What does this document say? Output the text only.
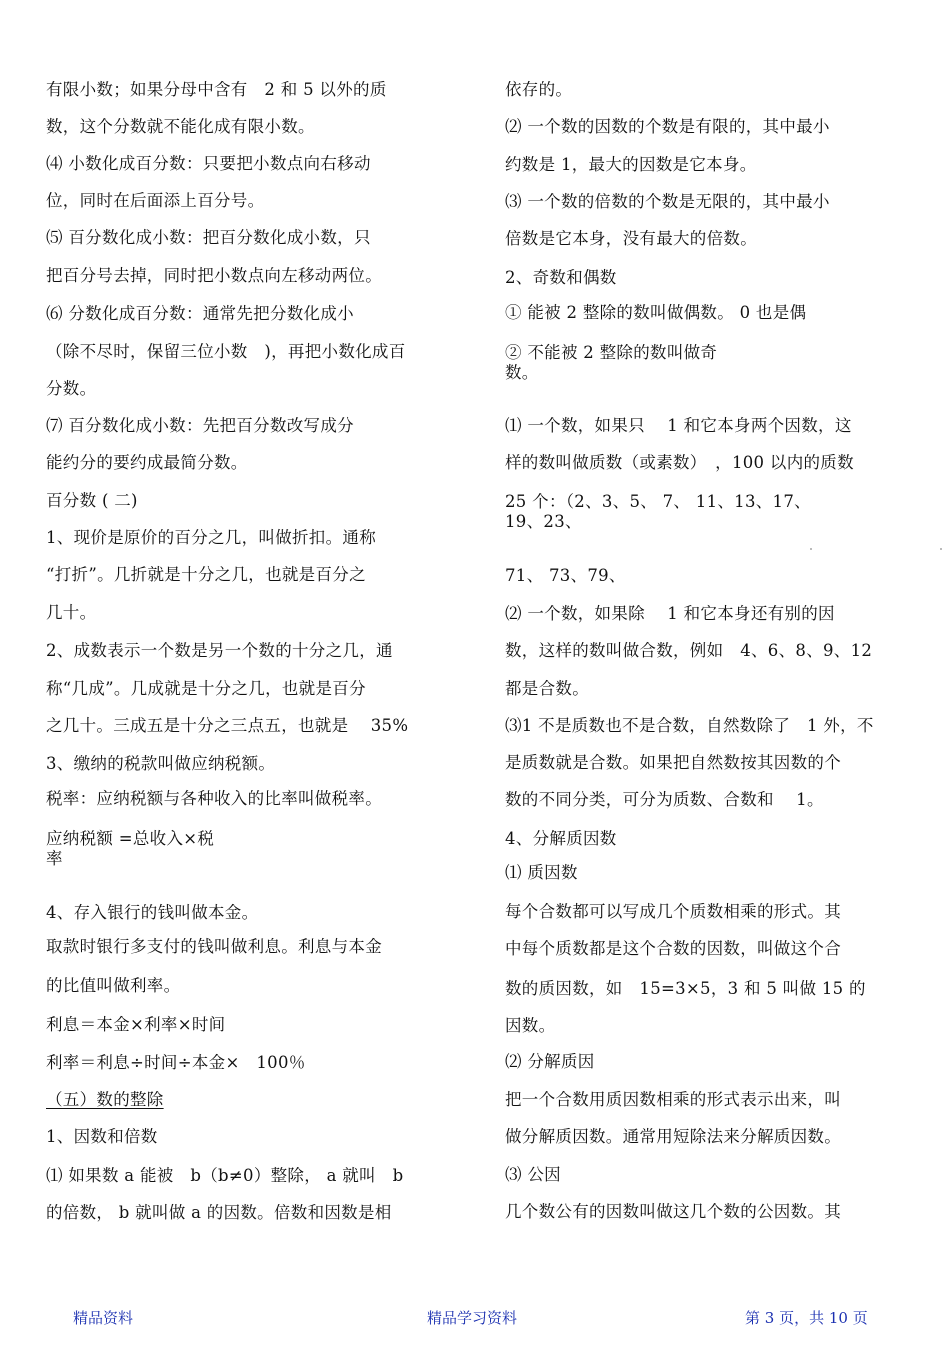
有限小数；如果分母中含有　2 和 5 以外的质
数，这个分数就不能化成有限小数。
⑷ 小数化成百分数：只要把小数点向右移动
位，同时在后面添上百分号。
⑸ 百分数化成小数：把百分数化成小数，只
把百分号去掉，同时把小数点向左移动两位。
⑹ 分数化成百分数：通常先把分数化成小
（除不尽时，保留三位小数　)，再把小数化成百
分数。
⑺ 百分数化成小数：先把百分数改写成分
能约分的要约成最简分数。
百分数 ( 二)
1、现价是原价的百分之几，叫做折扣。通称
“打折”。几折就是十分之几，也就是百分之
几十。
2、成数表示一个数是另一个数的十分之几，通
称“几成”。几成就是十分之几，也就是百分
之几十。三成五是十分之三点五，也就是　 35%
3、缴纳的税款叫做应纳税额。
税率：应纳税额与各种收入的比率叫做税率。
应纳税额 =总收入×税
率
4、存入银行的钱叫做本金。
取款时银行多支付的钱叫做利息。利息与本金
的比值叫做利率。
利息＝本金×利率×时间
利率＝利息÷时间÷本金×　100％
（五）数的整除
1、因数和倍数
⑴ 如果数 a 能被　b（b≠0）整除， a 就叫　b
的倍数， b 就叫做 a 的因数。倍数和因数是相
依存的。
⑵ 一个数的因数的个数是有限的，其中最小
约数是 1，最大的因数是它本身。
⑶ 一个数的倍数的个数是无限的，其中最小
倍数是它本身，没有最大的倍数。
2、奇数和偶数
① 能被 2 整除的数叫做偶数。 0 也是偶
② 不能被 2 整除的数叫做奇
数。
⑴ 一个数，如果只　 1 和它本身两个因数，这
样的数叫做质数（或素数）　，100 以内的质数
25 个：（2、3、5、 7、 11、13、17、
19、23、
71、 73、79、
⑵ 一个数，如果除　 1 和它本身还有别的因
数，这样的数叫做合数，例如　4、6、8、9、12
都是合数。
⑶1 不是质数也不是合数，自然数除了　1 外，不
是质数就是合数。如果把自然数按其因数的个
数的不同分类，可分为质数、合数和　 1。
4、分解质因数
⑴ 质因数
每个合数都可以写成几个质数相乘的形式。其
中每个质数都是这个合数的因数，叫做这个合
数的质因数，如　15=3×5，3 和 5 叫做 15 的
因数。
⑵ 分解质因
把一个合数用质因数相乘的形式表示出来，叫
做分解质因数。通常用短除法来分解质因数。
⑶ 公因
几个数公有的因数叫做这几个数的公因数。其
精品资料	精品学习资料	第 3 页，共 10 页
